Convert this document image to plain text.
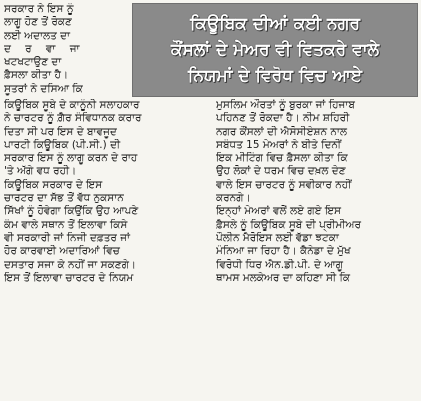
ਸਰਕਾਰ ਨੇ ਇਸ ਨੂੰ
ਲਾਗੂ ਹੋਣ ਤੋਂ ਰੋਕਣ
ਲਈ ਅਦਾਲਤ ਦਾ
ਦ ਰ ਵਾ ਜਾ
ਖਟਖਟਾਉਣ ਦਾ
ਫ਼ੈਸਲਾ ਕੀਤਾ ਹੈ।
ਸੂਤਰਾਂ ਨੇ ਦਸਿਆ ਕਿ
ਕਿਊਬਿਕ ਦੀਆਂ ਕਈ ਨਗਰ
ਕੌਂਸਲਾਂ ਦੇ ਮੇਅਰ ਵੀ ਵਿਤਕਰੇ ਵਾਲੇ
ਨਿਯਮਾਂ ਦੇ ਵਿਰੋਧ ਵਿਚ ਆਏ
ਕਿਊਬਿਕ ਸੂਬੇ ਦੇ ਕਾਨੂੰਨੀ ਸਲਾਹਕਾਰ
ਨੇ ਚਾਰਟਰ ਨੂੰ ਗ਼ੈਰ ਸੰਵਿਧਾਨਕ ਕਰਾਰ
ਦਿਤਾ ਸੀ ਪਰ ਇਸ ਦੇ ਬਾਵਜੂਦ
ਪਾਰਟੀ ਕਿਊਬਿਕ (ਪੀ.ਸੀ.) ਦੀ
ਸਰਕਾਰ ਇਸ ਨੂੰ ਲਾਗੂ ਕਰਨ ਦੇ ਰਾਹ
'ਤੇ ਅੱਗੇ ਵਧ ਰਹੀ।
ਕਿਊਬਿਕ ਸਰਕਾਰ ਦੇ ਇਸ
ਚਾਰਟਰ ਦਾ ਸੱਭ ਤੋਂ ਵੱਧ ਨੁਕਸਾਨ
ਸਿੱਖਾਂ ਨੂੰ ਹੋਵੇਗਾ ਕਿਉਂਕਿ ਉਹ ਆਪਣੇ
ਕੰਮ ਵਾਲੇ ਸਥਾਨ ਤੋਂ ਇਲਾਵਾ ਕਿਸੇ
ਵੀ ਸਰਕਾਰੀ ਜਾਂ ਨਿਜੀ ਦਫ਼ਤਰ ਜਾਂ
ਹੋਰ ਕਾਰਵਾਈ ਅਦਾਰਿਆਂ ਵਿਚ
ਦਸਤਾਰ ਸਜਾ ਕੇ ਨਹੀਂ ਜਾ ਸਕਣਗੇ।
ਇਸ ਤੋਂ ਇਲਾਵਾ ਚਾਰਟਰ ਦੇ ਨਿਯਮ
ਮੁਸਲਿਮ ਔਰਤਾਂ ਨੂੰ ਬੁਰਕਾ ਜਾਂ ਹਿਜਾਬ
ਪਹਿਨਣ ਤੋਂ ਰੋਕਦਾ ਹੈ। ਨੀਮ ਸ਼ਹਿਰੀ
ਨਗਰ ਕੌਂਸਲਾਂ ਦੀ ਐਸੋਸੀਏਸ਼ਨ ਨਾਲ
ਸਬੰਧਤ 15 ਮੇਅਰਾਂ ਨੇ ਬੀਤੇ ਦਿਨੀਂ
ਇਕ ਮੀਟਿੰਗ ਵਿਚ ਫ਼ੈਸਲਾ ਕੀਤਾ ਕਿ
ਉਹ ਲੋਕਾਂ ਦੇ ਧਰਮ ਵਿਚ ਦਖ਼ਲ ਦੇਣ
ਵਾਲੇ ਇਸ ਚਾਰਟਰ ਨੂੰ ਸਵੀਕਾਰ ਨਹੀਂ
ਕਰਨਗੇ।
ਇਨ੍ਹਾਂ ਮੇਅਰਾਂ ਵਲੋਂ ਲਏ ਗਏ ਇਸ
ਫ਼ੈਸਲੇ ਨੂੰ ਕਿਊਬਿਕ ਸੂਬੇ ਦੀ ਪ੍ਰੀਮੀਅਰ
ਪੌਲੀਨ ਮੈਰੋਇਸ ਲਈ ਵੱਡਾ ਝਟਕਾ
ਮੰਨਿਆ ਜਾ ਰਿਹਾ ਹੈ। ਕੈਨੇਡਾ ਦੇ ਮੁੱਖ
ਵਿਰੋਧੀ ਧਿਰ ਐਨ.ਡੀ.ਪੀ. ਦੇ ਆਗੂ
ਥਾਮਸ ਮਲਕੇਅਰ ਦਾ ਕਹਿਣਾ ਸੀ ਕਿ
